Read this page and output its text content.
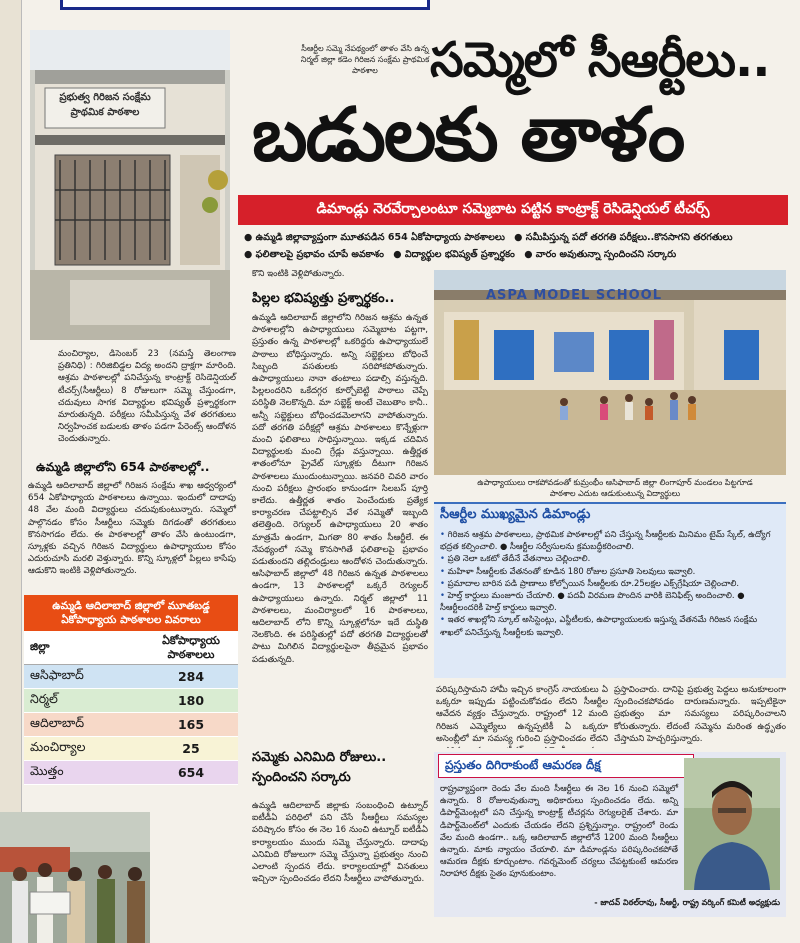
ప్రభుత్వ గిరిజన సంక్షేమ ప్రాథమిక పాఠశాల
సీఆర్టీల సమ్మె నేపథ్యంలో తాళం వేసి ఉన్న నిర్మల్ జిల్లా కడెం గిరిజన సంక్షేమ ప్రాథమిక పాఠశాల	సమ్మెలో సీఆర్టీలు..
బడులకు తాళం
డిమాండ్లు నెరవేర్చాలంటూ సమ్మెబాట పట్టిన కాంట్రాక్ట్ రెసిడెన్షియల్ టీచర్స్
● ఉమ్మడి జిల్లావ్యాప్తంగా మూతపడిన 654 ఏకోపాధ్యాయ పాఠశాలలు ● సమీపిస్తున్న పదో తరగతి పరీక్షలు..కొనసాగని తరగతులు
● ఫలితాలపై ప్రభావం చూపే అవకాశం ● విద్యార్థుల భవిష్యత్ ప్రశ్నార్థకం ● వారం అవుతున్నా స్పందించని సర్కారు
మంచిర్యాల, డిసెంబర్ 23 (నమస్తే తెలంగాణ ప్రతినిధి) : గిరిజిబిడ్డల విద్య అందని ద్రాక్షగా మారింది. ఆశ్రమ పాఠశాలల్లో పనిచేస్తున్న కాంట్రాక్ట్ రెసిడెన్షియల్ టీచర్స్(సీఆర్టీలు) 8 రోజులుగా సమ్మె చేస్తుండగా, చదువులు సాగక విద్యార్థుల భవిష్యత్ ప్రశ్నార్థకంగా మారుతున్నది. పరీక్షలు సమీపిస్తున్న వేళ తరగతులు నిర్వహించక బడులకు తాళం పడగా పేరెంట్స్ ఆందోళన చెందుతున్నారు.
ఉమ్మడి జిల్లాలోని 654 పాఠశాలల్లో..
ఉమ్మడి ఆదిలాబాద్ జిల్లాలో గిరిజన సంక్షేమ శాఖ ఆధ్వర్యంలో 654 ఏకోపాధ్యాయ పాఠశాలలు ఉన్నాయి. ఇందులో దాదాపు 48 వేల మంది విద్యార్థులు చదువుకుంటున్నారు. సమ్మెలో పాల్గొనడం కోసం సీఆర్టీలు సమ్మెకు దిగడంతో తరగతులు కొనసాగడం లేదు. ఈ పాఠశాలల్లో తాళం వేసి ఉంటుండగా, స్కూళ్లకు వచ్చిన గిరిజన విద్యార్థులు ఉపాధ్యాయుల కోసం ఎదురుచూసి మరలి వెళ్తున్నారు. కొన్ని స్కూళ్లలో పిల్లలు కాసేపు ఆడుకొని ఇంటికి వెళ్లిపోతున్నారు.
ఉమ్మడి ఆదిలాబాద్ జిల్లాలో మూతబడ్డ ఏకోపాధ్యాయ పాఠశాలల వివరాలు
జిల్లా	ఏకోపాధ్యాయ పాఠశాలలు
ఆసిఫాబాద్	284
నిర్మల్	180
ఆదిలాబాద్	165
మంచిర్యాల	25
మొత్తం	654
కొని ఇంటికి వెళ్లిపోతున్నారు.
పిల్లల భవిష్యత్తు ప్రశ్నార్థకం..
ఉమ్మడి ఆదిలాబాద్ జిల్లాలోని గిరిజన ఆశ్రమ ఉన్నత పాఠశాలల్లోని ఉపాధ్యాయులు సమ్మెబాట పట్టగా, ప్రస్తుతం ఉన్న పాఠశాలల్లో ఒకరిద్దరు ఉపాధ్యాయులే పాఠాలు బోధిస్తున్నారు. అన్ని సబ్జెక్టులు బోధించే సిబ్బంది వసతులకు సరిపోకపోతున్నారు. ఉపాధ్యాయులు నానా తంటాలు పడాల్సి వస్తున్నది. పిల్లలందరిని ఒకేదగ్గర కూర్చోబెట్టి పాఠాలు చెప్పే పరిస్థితి నెలకొన్నది. మా సబ్జెక్ట్ అంటే చెబుతాం కానీ.. అన్నీ సబ్జెక్టులు బోధించడమెలాగని వాపోతున్నారు. పదో తరగతి పరీక్షల్లో ఆశ్రమ పాఠశాలలు కొన్నేళ్లుగా మంచి ఫలితాలు సాధిస్తున్నాయి. ఇక్కడ చదివిన విద్యార్థులకు మంచి గ్రేడ్లు వస్తున్నాయి. ఉత్తీర్ణత శాతంలోనూ ప్రైవేట్ స్కూళ్లకు దీటుగా గిరిజన పాఠశాలలు ముందుంటున్నాయి. జనవరి చివరి వారం నుంచి పరీక్షలు ప్రారంభం కానుండగా సిలబస్ పూర్తి కాలేదు. ఉత్తీర్ణత శాతం పెంచేందుకు ప్రత్యేక కార్యాచరణ చేపట్టాల్సిన వేళ సమ్మెతో ఇబ్బంది తలెత్తింది. రెగ్యులర్ ఉపాధ్యాయులు 20 శాతం మాత్రమే ఉండగా, మిగతా 80 శాతం సీఆర్టీలే. ఈ నేపథ్యంలో సమ్మె కొనసాగితే ఫలితాలపై ప్రభావం పడుతుందని తల్లిదండ్రులు ఆందోళన చెందుతున్నారు. ఆసిఫాబాద్ జిల్లాలో 48 గిరిజన ఉన్నత పాఠశాలలు ఉండగా, 13 పాఠశాలల్లో ఒక్కరే రెగ్యులర్ ఉపాధ్యాయులు ఉన్నారు. నిర్మల్ జిల్లాలో 11 పాఠశాలలు, మంచిర్యాలలో 16 పాఠశాలలు, ఆదిలాబాద్ లోని కొన్ని స్కూళ్లలోనూ ఇదే దుస్థితి నెలకొంది. ఈ పరిస్థితుల్లో పదో తరగతి విద్యార్థులతో పాటు మిగిలిన విద్యార్థులపైనా తీవ్రమైన ప్రభావం పడుతున్నది.
సమ్మెకు ఎనిమిది రోజులు..
స్పందించని సర్కారు
ఉమ్మడి ఆదిలాబాద్ జిల్లాకు సంబంధించి ఉట్నూర్ ఐటీడీఏ పరిధిలో పని చేసే సీఆర్టీలు సమస్యల పరిష్కారం కోసం ఈ నెల 16 నుంచి ఉట్నూర్ ఐటీడీఏ కార్యాలయం ముందు సమ్మె చేస్తున్నారు. దాదాపు ఎనిమిది రోజులుగా సమ్మె చేస్తున్నా ప్రభుత్వం నుంచి ఎలాంటి స్పందన లేదు. కార్యాలయాల్లో వినతులు ఇచ్చినా స్పందించడం లేదని సీఆర్టీలు వాపోతున్నారు.
ASPA MODEL SCHOOL
ఉపాధ్యాయులు రాకపోవడంతో కుమ్రంభీం ఆసిఫాబాద్ జిల్లా లింగాపూర్ మండలం పిట్టగూడ పాఠశాల ఎదుట ఆడుకుంటున్న విద్యార్థులు
సీఆర్టీల ముఖ్యమైన డిమాండ్లు
• గిరిజన ఆశ్రమ పాఠశాలలు, ప్రాథమిక పాఠశాలల్లో పని చేస్తున్న సీఆర్టీలకు మినిమం టైమ్ స్కేల్, ఉద్యోగ భద్రత కల్పించాలి. ● సీఆర్టీల సర్వీసులను క్రమబద్ధీకరించాలి.
• ప్రతి నెలా ఒకటో తేదీనే వేతనాలు చెల్లించాలి.
• మహిళా సీఆర్టీలకు వేతనంతో కూడిన 180 రోజుల ప్రసూతి సెలవులు ఇవ్వాలి.
• ప్రమాదాల బారిన పడి ప్రాణాలు కోల్పోయిన సీఆర్టీలకు రూ.25లక్షల ఎక్స్‌గ్రేషియా చెల్లించాలి.
• హెల్త్ కార్డులు మంజూరు చేయాలి. ● పదవీ విరమణ పొందిన వారికి బెనిఫిట్స్ అందించాలి. ● సీఆర్టీలందరికీ హెల్త్ కార్డులు ఇవ్వాలి.
• ఇతర శాఖల్లోని స్కూల్ అసిస్టెంట్లు, ఎస్జీటీలకు, ఉపాధ్యాయులకు ఇస్తున్న వేతనమే గిరిజన సంక్షేమ శాఖలో పనిచేస్తున్న సీఆర్టీలకు ఇవ్వాలి.
పరిష్కరిస్తామని హామీ ఇచ్చిన కాంగ్రెస్ నాయకులు ఏ ఒక్కరూ ఇప్పుడు పట్టించుకోవడం లేదని సీఆర్టీల ఆవేదన వ్యక్తం చేస్తున్నారు. రాష్ట్రంలో 12 మంది గిరిజన ఎమ్మెల్యేలు ఉన్నప్పటికీ ఏ ఒక్కరూ అసెంబ్లీలో మా సమస్య గురించి ప్రస్తావించడం లేదని
ప్రస్తావించారు. దానిపై ప్రభుత్వ పెద్దలు అనుకూలంగా స్పందించకపోవడం దారుణమన్నారు. ఇప్పటికైనా ప్రభుత్వం మా సమస్యలు పరిష్కరించాలని కోరుతున్నారు. లేదంటే సమ్మెను మరింత ఉద్ధృతం చేస్తామని హెచ్చరిస్తున్నారు.
ప్రస్తుతం దిగిరాకుంటే ఆమరణ దీక్ష
రాష్ట్రవ్యాప్తంగా రెండు వేల మంది సీఆర్టీలు ఈ నెల 16 నుంచి సమ్మెలో ఉన్నారు. 8 రోజులవుతున్నా అధికారులు స్పందించడం లేదు. అన్ని డిపార్ట్‌మెంట్లలో పని చేస్తున్న కాంట్రాక్ట్ టీచర్లను రెగ్యులరైజ్ చేశారు. మా డిపార్ట్‌మెంట్‌లో ఎందుకు చేయడం లేదని ప్రశ్నిస్తున్నాం. రాష్ట్రంలో రెండు వేల మంది ఉండగా.. ఒక్క ఆదిలాబాద్ జిల్లాలోనే 1200 మంది సీఆర్టీలు ఉన్నారు. మాకు న్యాయం చేయాలి. మా డిమాండ్లను పరిష్కరించకపోతే ఆమరణ దీక్షకు కూర్చుంటాం. గవర్నమెంట్ చర్యలు చేపట్టకుంటే ఆమరణ నిరాహార దీక్షకు సైతం పూనుకుంటాం.
- జాదవ్ విఠల్‌రావు, సీఆర్టీ, రాష్ట్ర వర్కింగ్ కమిటీ అధ్యక్షుడు
